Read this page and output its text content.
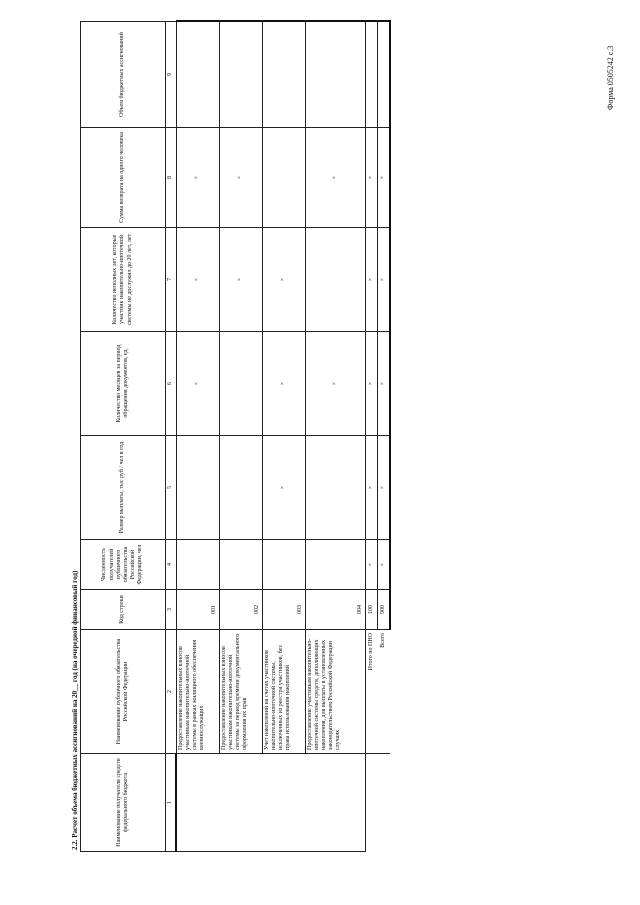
Форма 0505242 с.3
2.2. Расчет объема бюджетных ассигнований на 20__ год (на очередной финансовый год)	Наименование получателя средств федерального бюджета	Наименование публичного обязательства Российской Федерации	Код строки	Численность получателей публичного обязательства Российской Федерации, чел	Размер выплаты, тыс руб / чел в год	Количество месяцев за период обращения документов, ед	Количество неполных лет, которые участник накопительно-ипотечной системы не дослужил до 20 лет, лет	Сумма возврата на одного человека	Объем бюджетных ассигнований
1	2	3	4	5	6	7	8	9
	Предоставление накопительных взносов участникам накопительно-ипотечной системы в рамках жилищного обеспечения военнослужащих	001			×	×	×	
	Предоставление накопительных взносов участникам накопительно-ипотечной системы за период времени документального оформления их прав	002				×	×	
	Учет накоплений на счетах участников накопительно-ипотечной системы, исключенных из реестра участников, без права использования накоплений	003		×	×	×		
	Предоставление участникам накопительно-ипотечной системы средств, дополняющих накопления, для выплаты в установленных законодательством Российской Федерации случаях	004			×		×	
	Итого по ПНО	100	×	×	×	×	×	
	Всего	900	×	×	×	×	×	
